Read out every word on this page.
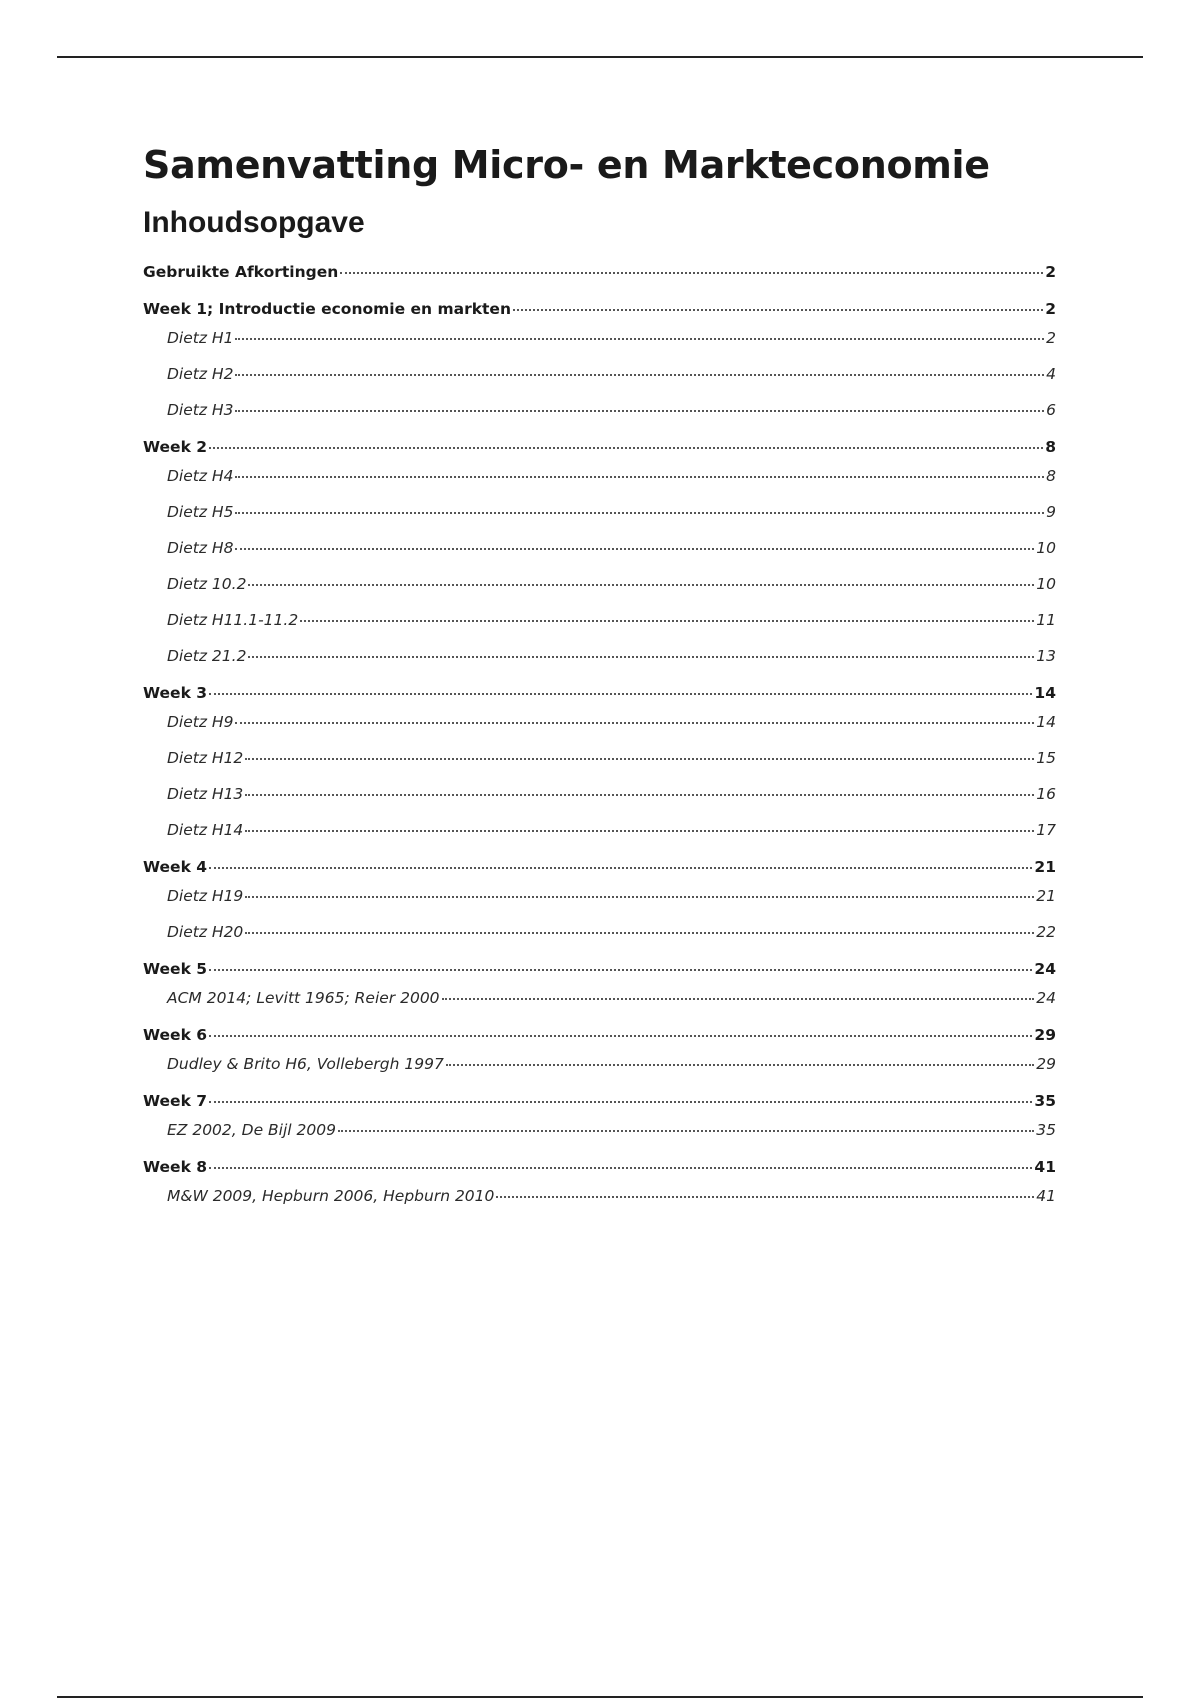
Samenvatting Micro- en Markteconomie
Inhoudsopgave
Gebruikte Afkortingen	2
Week 1; Introductie economie en markten	2
Dietz H1	2
Dietz H2	4
Dietz H3	6
Week 2	8
Dietz H4	8
Dietz H5	9
Dietz H8	10
Dietz 10.2	10
Dietz H11.1-11.2	11
Dietz 21.2	13
Week 3	14
Dietz H9	14
Dietz H12	15
Dietz H13	16
Dietz H14	17
Week 4	21
Dietz H19	21
Dietz H20	22
Week 5	24
ACM 2014; Levitt 1965; Reier 2000	24
Week 6	29
Dudley & Brito H6, Vollebergh 1997	29
Week 7	35
EZ 2002, De Bijl 2009	35
Week 8	41
M&W 2009, Hepburn 2006, Hepburn 2010	41
